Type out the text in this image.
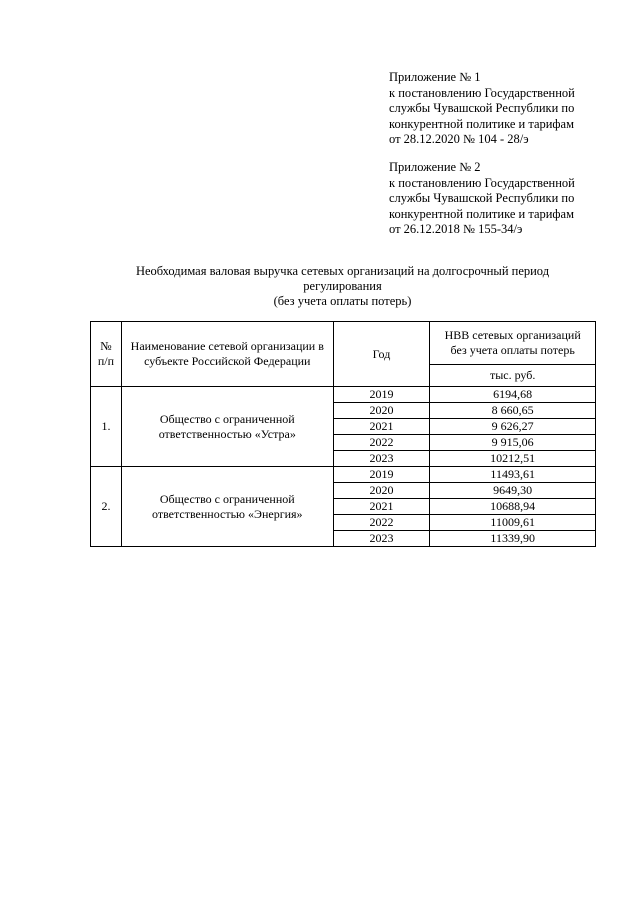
Приложение № 1
к постановлению Государственной
службы Чувашской Республики по
конкурентной политике и тарифам
от 28.12.2020 № 104 - 28/э
Приложение № 2
к постановлению Государственной
службы Чувашской Республики по
конкурентной политике и тарифам
от 26.12.2018 № 155-34/э
Необходимая валовая выручка сетевых организаций на долгосрочный период
регулирования
(без учета оплаты потерь)
№
п/п	Наименование сетевой организации в субъекте Российской Федерации	Год	НВВ сетевых организаций без учета оплаты потерь
			тыс. руб.
1.	Общество с ограниченной ответственностью «Устра»	2019	6194,68
		2020	8 660,65
		2021	9 626,27
		2022	9 915,06
		2023	10212,51
2.	Общество с ограниченной ответственностью «Энергия»	2019	11493,61
		2020	9649,30
		2021	10688,94
		2022	11009,61
		2023	11339,90
